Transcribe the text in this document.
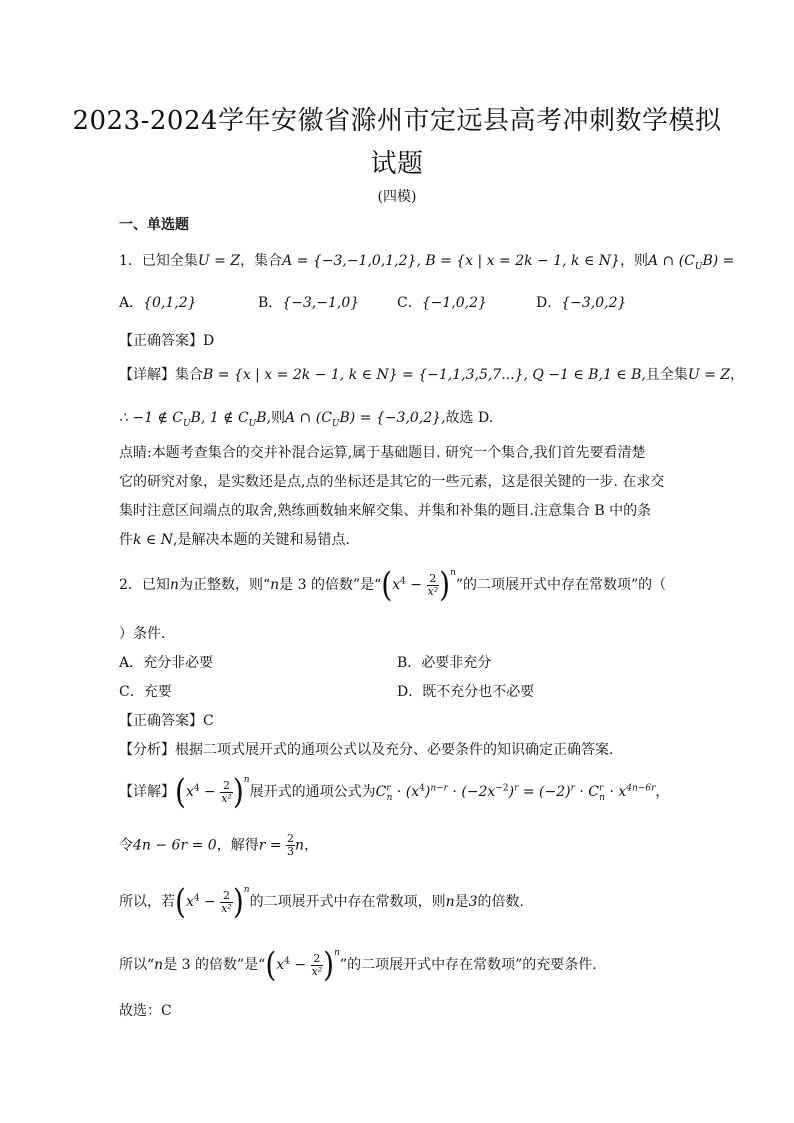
2023-2024学年安徽省滁州市定远县高考冲刺数学模拟
试题
(四模)
一、单选题
1．已知全集U = Z，集合A = {−3,−1,0,1,2}, B = {x | x = 2k − 1, k ∈ N}，则A ∩ $(C_UB)$ =
A．{0,1,2}	B．{−3,−1,0}	C．{−1,0,2}	D．{−3,0,2}
【正确答案】D
【详解】集合B = {x | x = 2k − 1, k ∈ N} = {−1,1,3,5,7...}, Q −1 ∈ B,1 ∈ B,且全集U = Z，
∴ −1 ∉ $C_UB$, 1 ∉ $C_UB$,则A ∩ $(C_UB) = \{-3,0,2\}$,故选 D.
点睛:本题考查集合的交并补混合运算,属于基础题目. 研究一个集合,我们首先要看清楚
它的研究对象，是实数还是点,点的坐标还是其它的一些元素，这是很关键的一步. 在求交
集时注意区间端点的取舍,熟练画数轴来解交集、并集和补集的题目.注意集合 B 中的条
件k ∈ N,是解决本题的关键和易错点.
2．已知n为正整数，则“n是 3 的倍数”是“$(x^4 - \frac{2}{\text{x²}} )^n$”的二项展开式中存在常数项”的（
）条件.
A．充分非必要	B．必要非充分
C．充要	D．既不充分也不必要
【正确答案】C
【分析】根据二项式展开式的通项公式以及充分、必要条件的知识确定正确答案.
【详解】$(x^4 - \frac{2}{\text{x²}} )^n$展开式的通项公式为$C^r_n \cdot (x^4)^{n-r} \cdot (-2x^{-2})^r = (-2)^r \cdot C^r_n \cdot x^{4n-6r}$，
令4n − 6r = 0，解得$r = \frac{2}{3}$ n，
所以，若$(x^4 - \frac{2}{\text{x²}} )^n$的二项展开式中存在常数项，则n是3的倍数.
所以“n是 3 的倍数”是“$(x^4 - \frac{2}{\text{x²}} )^n$”的二项展开式中存在常数项”的充要条件.
故选：C
